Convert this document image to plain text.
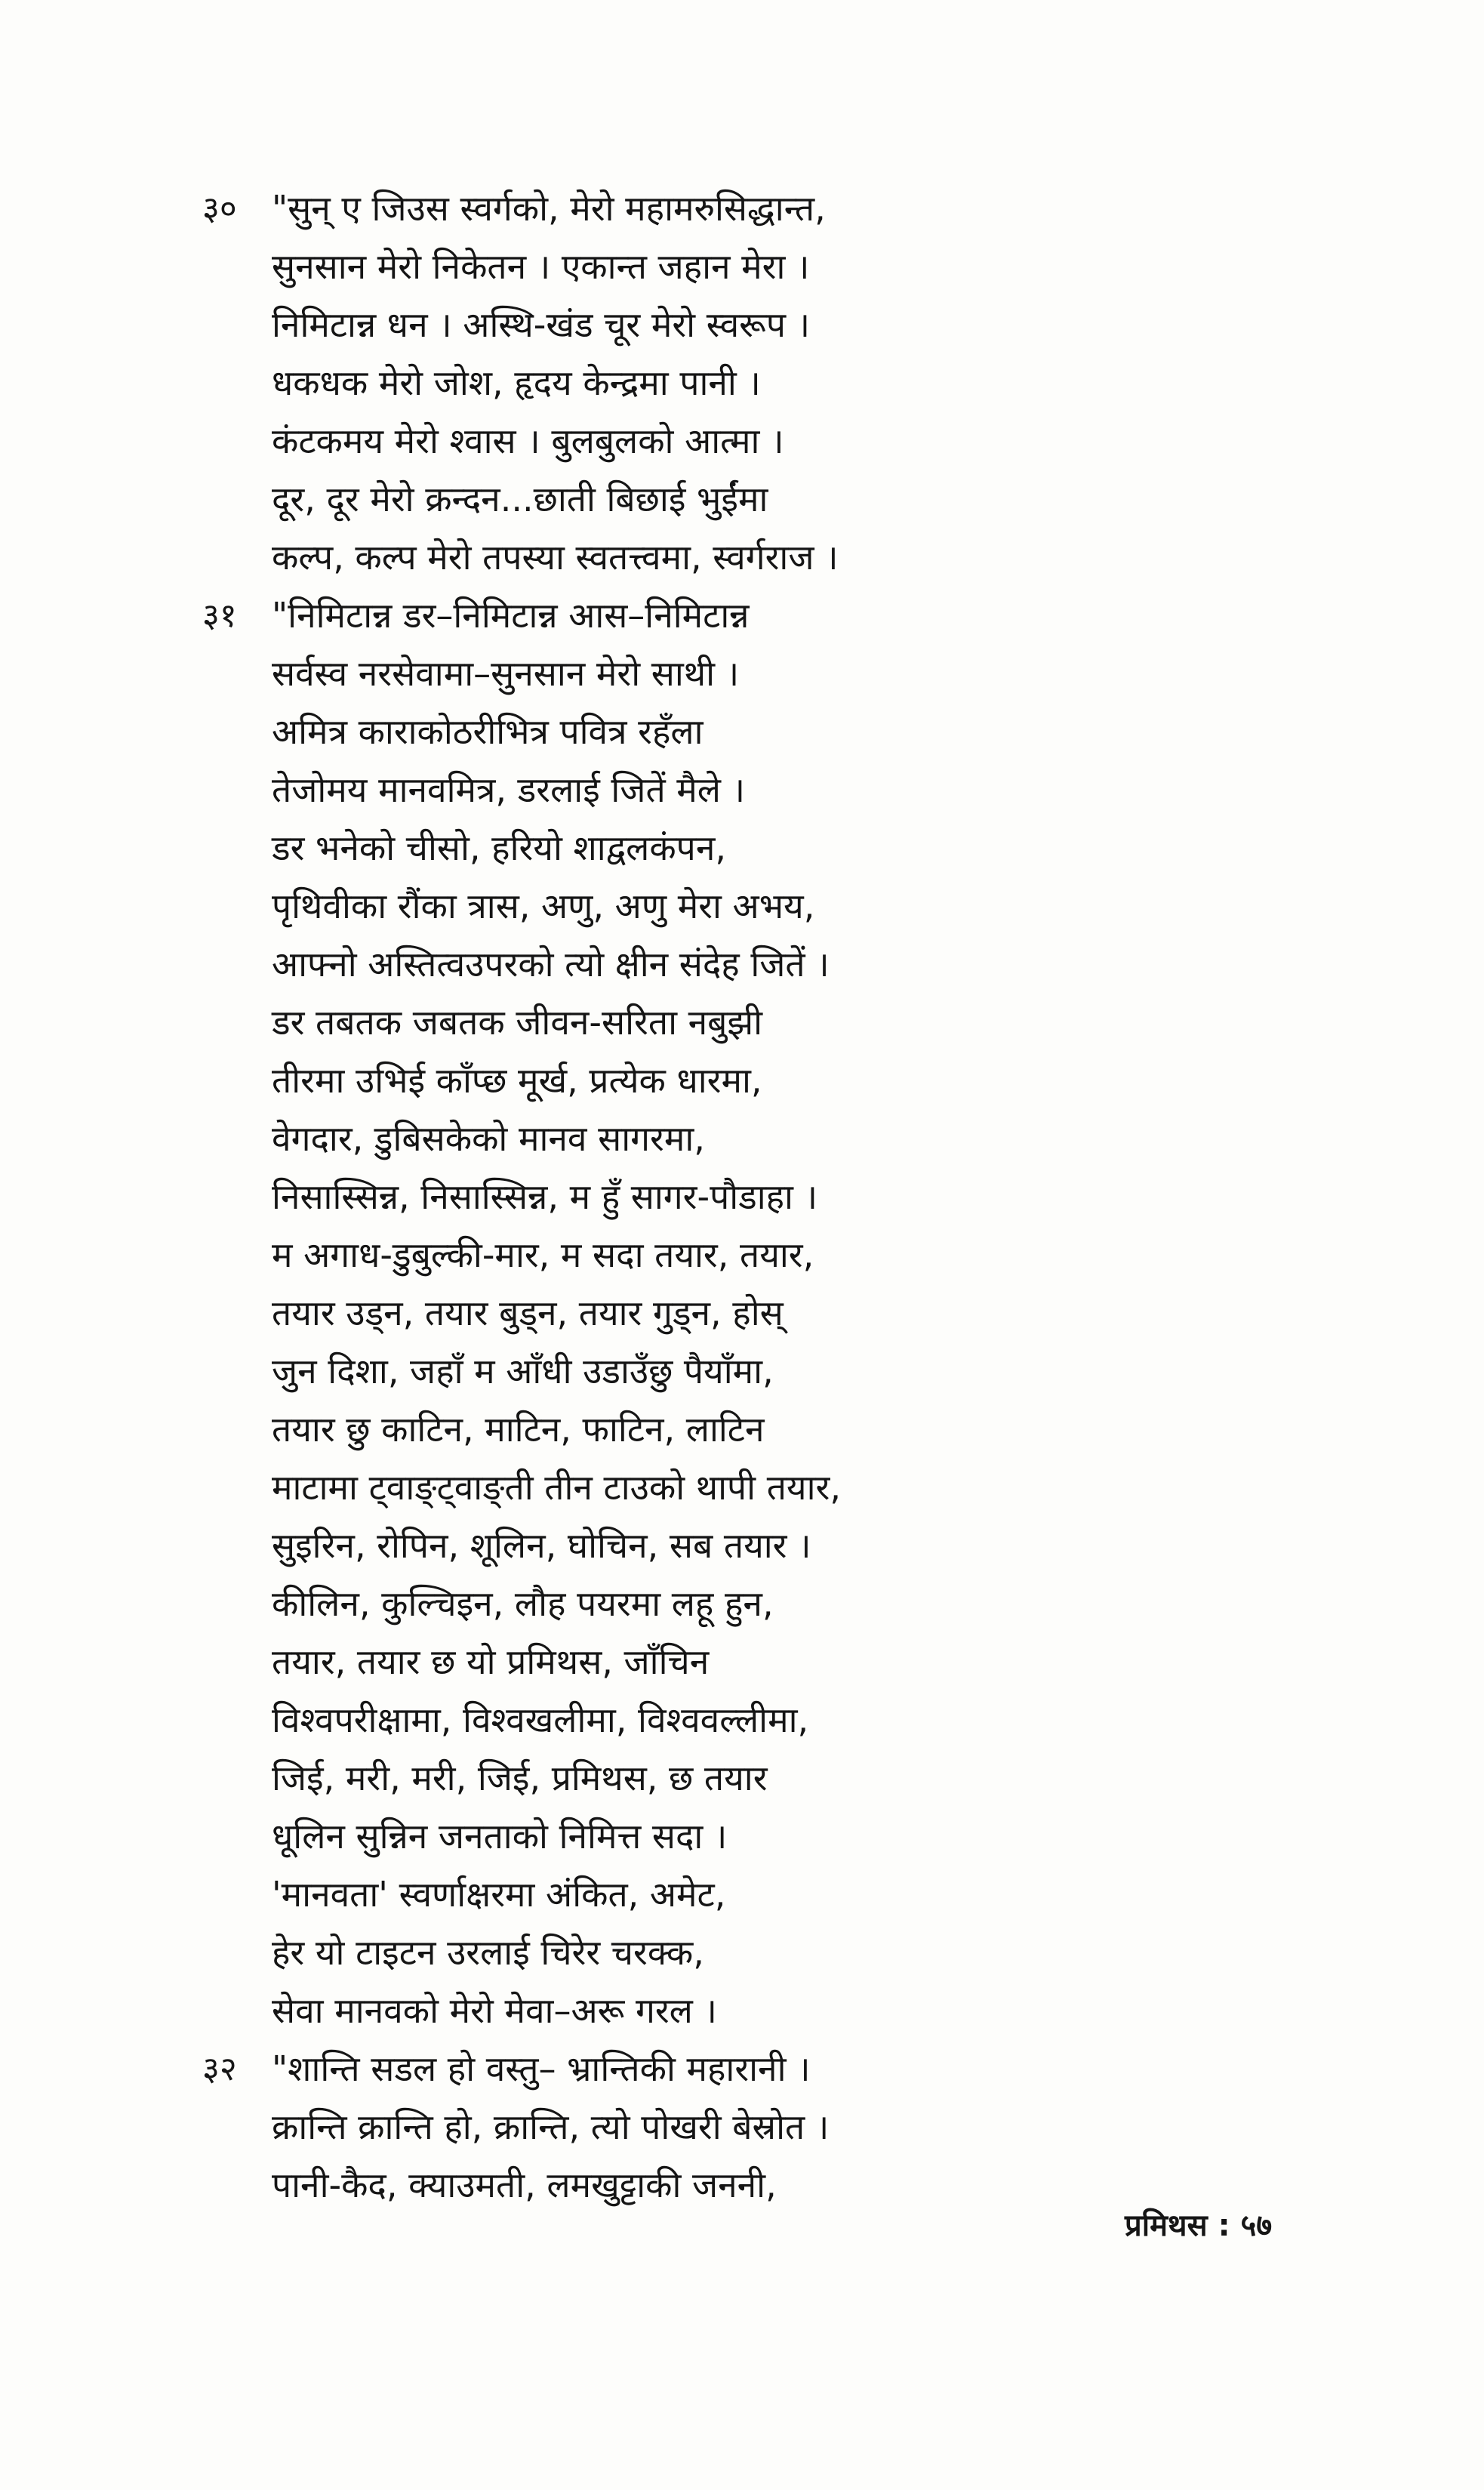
३० "सुन् ए जिउस स्वर्गको, मेरो महामरुसिद्धान्त,
सुनसान मेरो निकेतन । एकान्त जहान मेरा ।
निमिटान्न धन । अस्थि-खंड चूर मेरो स्वरूप ।
धकधक मेरो जोश, हृदय केन्द्रमा पानी ।
कंटकमय मेरो श्वास । बुलबुलको आत्मा ।
दूर, दूर मेरो क्रन्दन...छाती बिछाई भुईंमा
कल्प, कल्प मेरो तपस्या स्वतत्त्वमा, स्वर्गराज ।
३१ "निमिटान्न डर–निमिटान्न आस–निमिटान्न
सर्वस्व नरसेवामा–सुनसान मेरो साथी ।
अमित्र काराकोठरीभित्र पवित्र रहँला
तेजोमय मानवमित्र, डरलाई जितें मैले ।
डर भनेको चीसो, हरियो शाद्वलकंपन,
पृथिवीका रौंका त्रास, अणु, अणु मेरा अभय,
आफ्नो अस्तित्वउपरको त्यो क्षीन संदेह जितें ।
डर तबतक जबतक जीवन-सरिता नबुझी
तीरमा उभिई काँप्छ मूर्ख, प्रत्येक धारमा,
वेगदार, डुबिसकेको मानव सागरमा,
निसास्सिन्न, निसास्सिन्न, म हुँ सागर-पौडाहा ।
म अगाध-डुबुल्की-मार, म सदा तयार, तयार,
तयार उड्न, तयार बुड्न, तयार गुड्न, होस्
जुन दिशा, जहाँ म आँधी उडाउँछु पैयाँमा,
तयार छु काटिन, माटिन, फाटिन, लाटिन
माटामा ट्वाङ्ट्वाङ्ती तीन टाउको थापी तयार,
सुइरिन, रोपिन, शूलिन, घोचिन, सब तयार ।
कीलिन, कुल्चिइन, लौह पयरमा लहू हुन,
तयार, तयार छ यो प्रमिथस, जाँचिन
विश्वपरीक्षामा, विश्वखलीमा, विश्ववल्लीमा,
जिई, मरी, मरी, जिई, प्रमिथस, छ तयार
धूलिन सुन्निन जनताको निमित्त सदा ।
'मानवता' स्वर्णाक्षरमा अंकित, अमेट,
हेर यो टाइटन उरलाई चिरेर चरक्क,
सेवा मानवको मेरो मेवा–अरू गरल ।
३२ "शान्ति सडल हो वस्तु– भ्रान्तिकी महारानी ।
क्रान्ति क्रान्ति हो, क्रान्ति, त्यो पोखरी बेस्रोत ।
पानी-कैद, क्याउमती, लमखुट्टाकी जननी,
प्रमिथस : ५७
